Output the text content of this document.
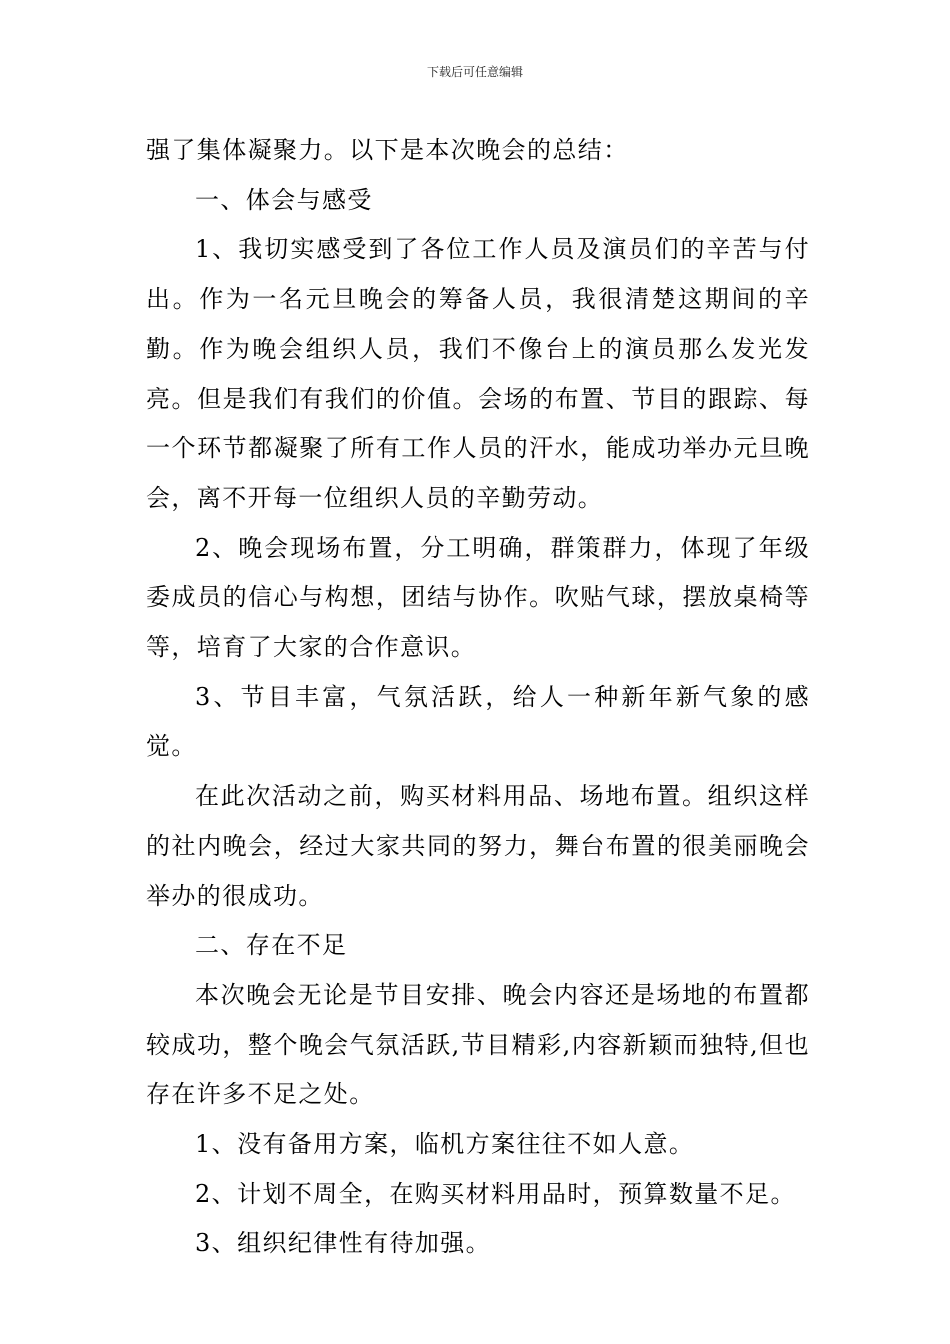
下载后可任意编辑

强了集体凝聚力。以下是本次晚会的总结：

一、体会与感受

1、我切实感受到了各位工作人员及演员们的辛苦与付出。作为一名元旦晚会的筹备人员，我很清楚这期间的辛勤。作为晚会组织人员，我们不像台上的演员那么发光发亮。但是我们有我们的价值。会场的布置、节目的跟踪、每一个环节都凝聚了所有工作人员的汗水，能成功举办元旦晚会，离不开每一位组织人员的辛勤劳动。

2、晚会现场布置，分工明确，群策群力，体现了年级委成员的信心与构想，团结与协作。吹贴气球，摆放桌椅等等，培育了大家的合作意识。

3、节目丰富，气氛活跃，给人一种新年新气象的感觉。

在此次活动之前，购买材料用品、场地布置。组织这样的社内晚会，经过大家共同的努力，舞台布置的很美丽晚会举办的很成功。

二、存在不足

本次晚会无论是节目安排、晚会内容还是场地的布置都较成功，整个晚会气氛活跃,节目精彩,内容新颖而独特,但也存在许多不足之处。

1、没有备用方案，临机方案往往不如人意。

2、计划不周全，在购买材料用品时，预算数量不足。

3、组织纪律性有待加强。
